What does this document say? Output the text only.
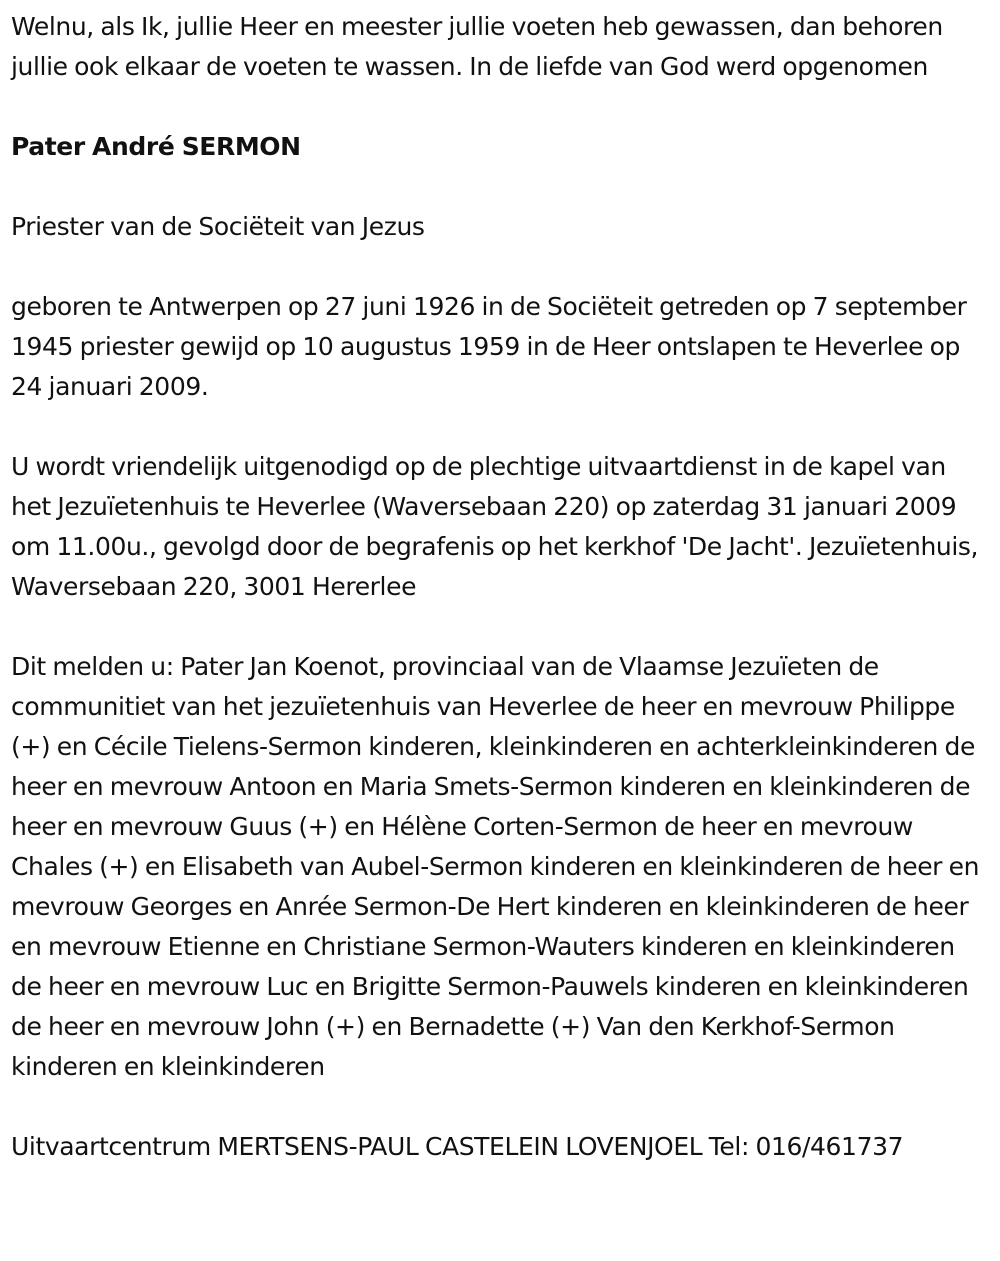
Welnu, als Ik, jullie Heer en meester jullie voeten heb gewassen, dan behoren jullie ook elkaar de voeten te wassen. In de liefde van God werd opgenomen

Pater André SERMON

Priester van de Sociëteit van Jezus

geboren te Antwerpen op 27 juni 1926 in de Sociëteit getreden op 7 september 1945 priester gewijd op 10 augustus 1959 in de Heer ontslapen te Heverlee op 24 januari 2009.

U wordt vriendelijk uitgenodigd op de plechtige uitvaartdienst in de kapel van het Jezuïetenhuis te Heverlee (Waversebaan 220) op zaterdag 31 januari 2009 om 11.00u., gevolgd door de begrafenis op het kerkhof 'De Jacht'. Jezuïetenhuis, Waversebaan 220, 3001 Hererlee

Dit melden u: Pater Jan Koenot, provinciaal van de Vlaamse Jezuïeten de communitiet van het jezuïetenhuis van Heverlee de heer en mevrouw Philippe (+) en Cécile Tielens-Sermon kinderen, kleinkinderen en achterkleinkinderen de heer en mevrouw Antoon en Maria Smets-Sermon kinderen en kleinkinderen de heer en mevrouw Guus (+) en Hélène Corten-Sermon de heer en mevrouw Chales (+) en Elisabeth van Aubel-Sermon kinderen en kleinkinderen de heer en mevrouw Georges en Anrée Sermon-De Hert kinderen en kleinkinderen de heer en mevrouw Etienne en Christiane Sermon-Wauters kinderen en kleinkinderen de heer en mevrouw Luc en Brigitte Sermon-Pauwels kinderen en kleinkinderen de heer en mevrouw John (+) en Bernadette (+) Van den Kerkhof-Sermon kinderen en kleinkinderen

Uitvaartcentrum MERTSENS-PAUL CASTELEIN LOVENJOEL Tel: 016/461737
